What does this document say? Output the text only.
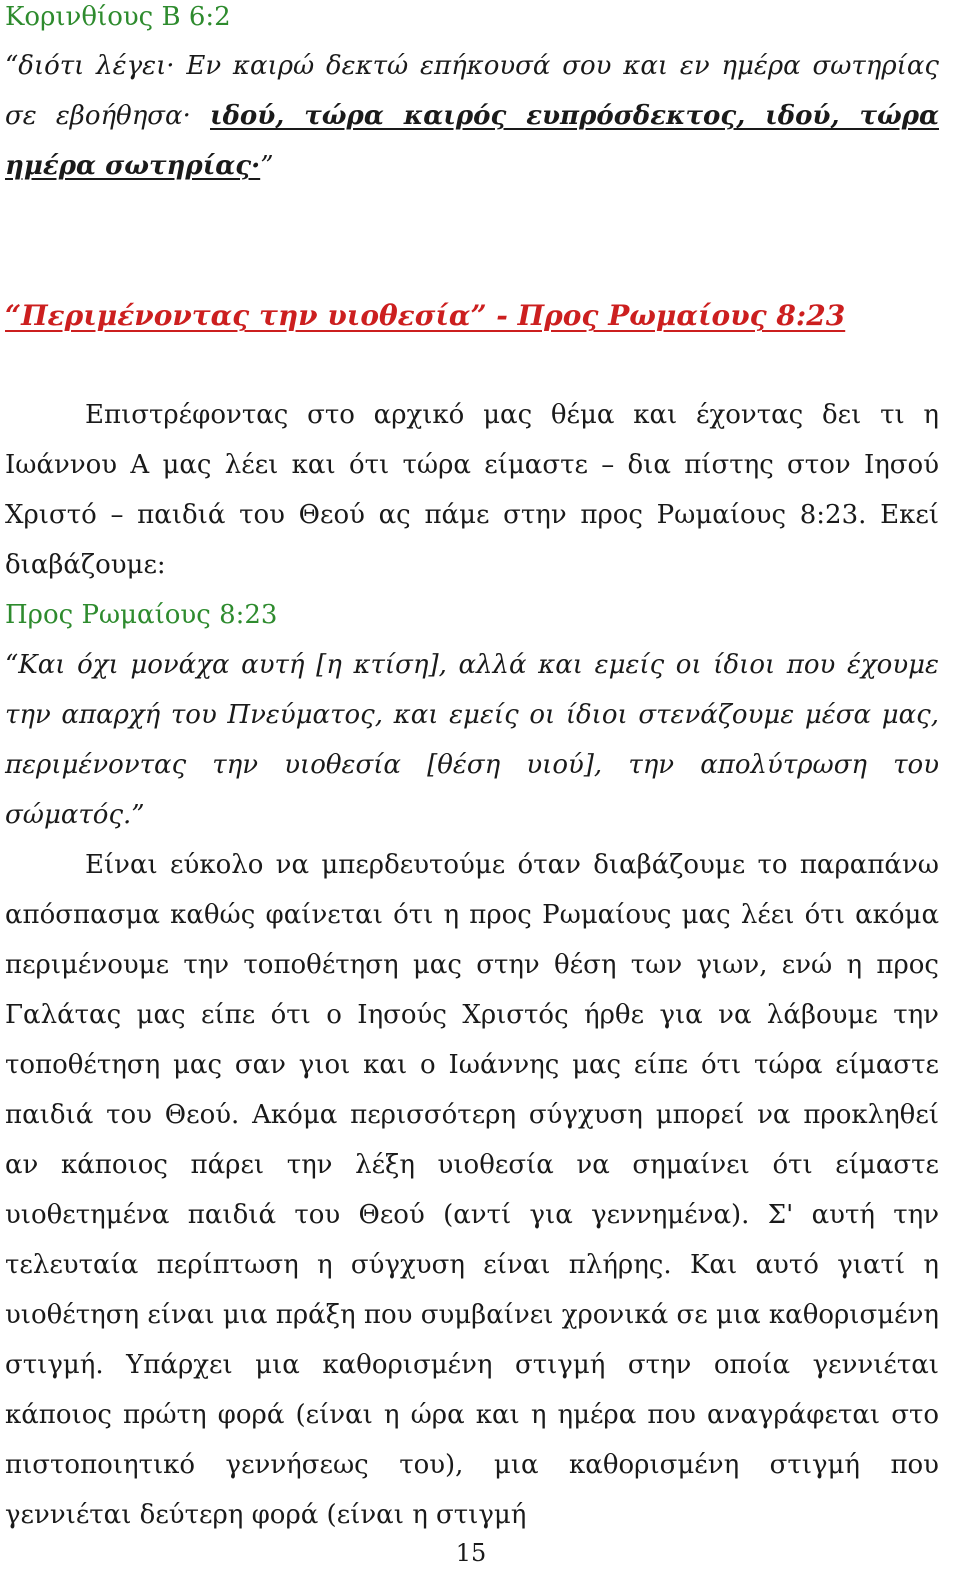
Κορινθίους Β 6:2
“διότι λέγει· Εν καιρώ δεκτώ επήκουσά σου και εν ημέρα σωτηρίας σε εβοήθησα· ιδού, τώρα καιρός ευπρόσδεκτος, ιδού, τώρα ημέρα σωτηρίας·”
“Περιμένοντας την υιοθεσία” - Προς Ρωμαίους 8:23
Επιστρέφοντας στο αρχικό μας θέμα και έχοντας δει τι η Ιωάννου Α μας λέει και ότι τώρα είμαστε – δια πίστης στον Ιησού Χριστό – παιδιά του Θεού ας πάμε στην προς Ρωμαίους 8:23. Εκεί διαβάζουμε:
Προς Ρωμαίους 8:23
“Και όχι μονάχα αυτή [η κτίση], αλλά και εμείς οι ίδιοι που έχουμε την απαρχή του Πνεύματος, και εμείς οι ίδιοι στενάζουμε μέσα μας, περιμένοντας την υιοθεσία [θέση υιού], την απολύτρωση του σώματός.”
Είναι εύκολο να μπερδευτούμε όταν διαβάζουμε το παραπάνω απόσπασμα καθώς φαίνεται ότι η προς Ρωμαίους μας λέει ότι ακόμα περιμένουμε την τοποθέτηση μας στην θέση των γιων, ενώ η προς Γαλάτας μας είπε ότι ο Ιησούς Χριστός ήρθε για να λάβουμε την τοποθέτηση μας σαν γιοι και ο Ιωάννης μας είπε ότι τώρα είμαστε παιδιά του Θεού. Ακόμα περισσότερη σύγχυση μπορεί να προκληθεί αν κάποιος πάρει την λέξη υιοθεσία να σημαίνει ότι είμαστε υιοθετημένα παιδιά του Θεού (αντί για γεννημένα). Σ' αυτή την τελευταία περίπτωση η σύγχυση είναι πλήρης. Και αυτό γιατί η υιοθέτηση είναι μια πράξη που συμβαίνει χρονικά σε μια καθορισμένη στιγμή. Υπάρχει μια καθορισμένη στιγμή στην οποία γεννιέται κάποιος πρώτη φορά (είναι η ώρα και η ημέρα που αναγράφεται στο πιστοποιητικό γεννήσεως του), μια καθορισμένη στιγμή που γεννιέται δεύτερη φορά (είναι η στιγμή
15
